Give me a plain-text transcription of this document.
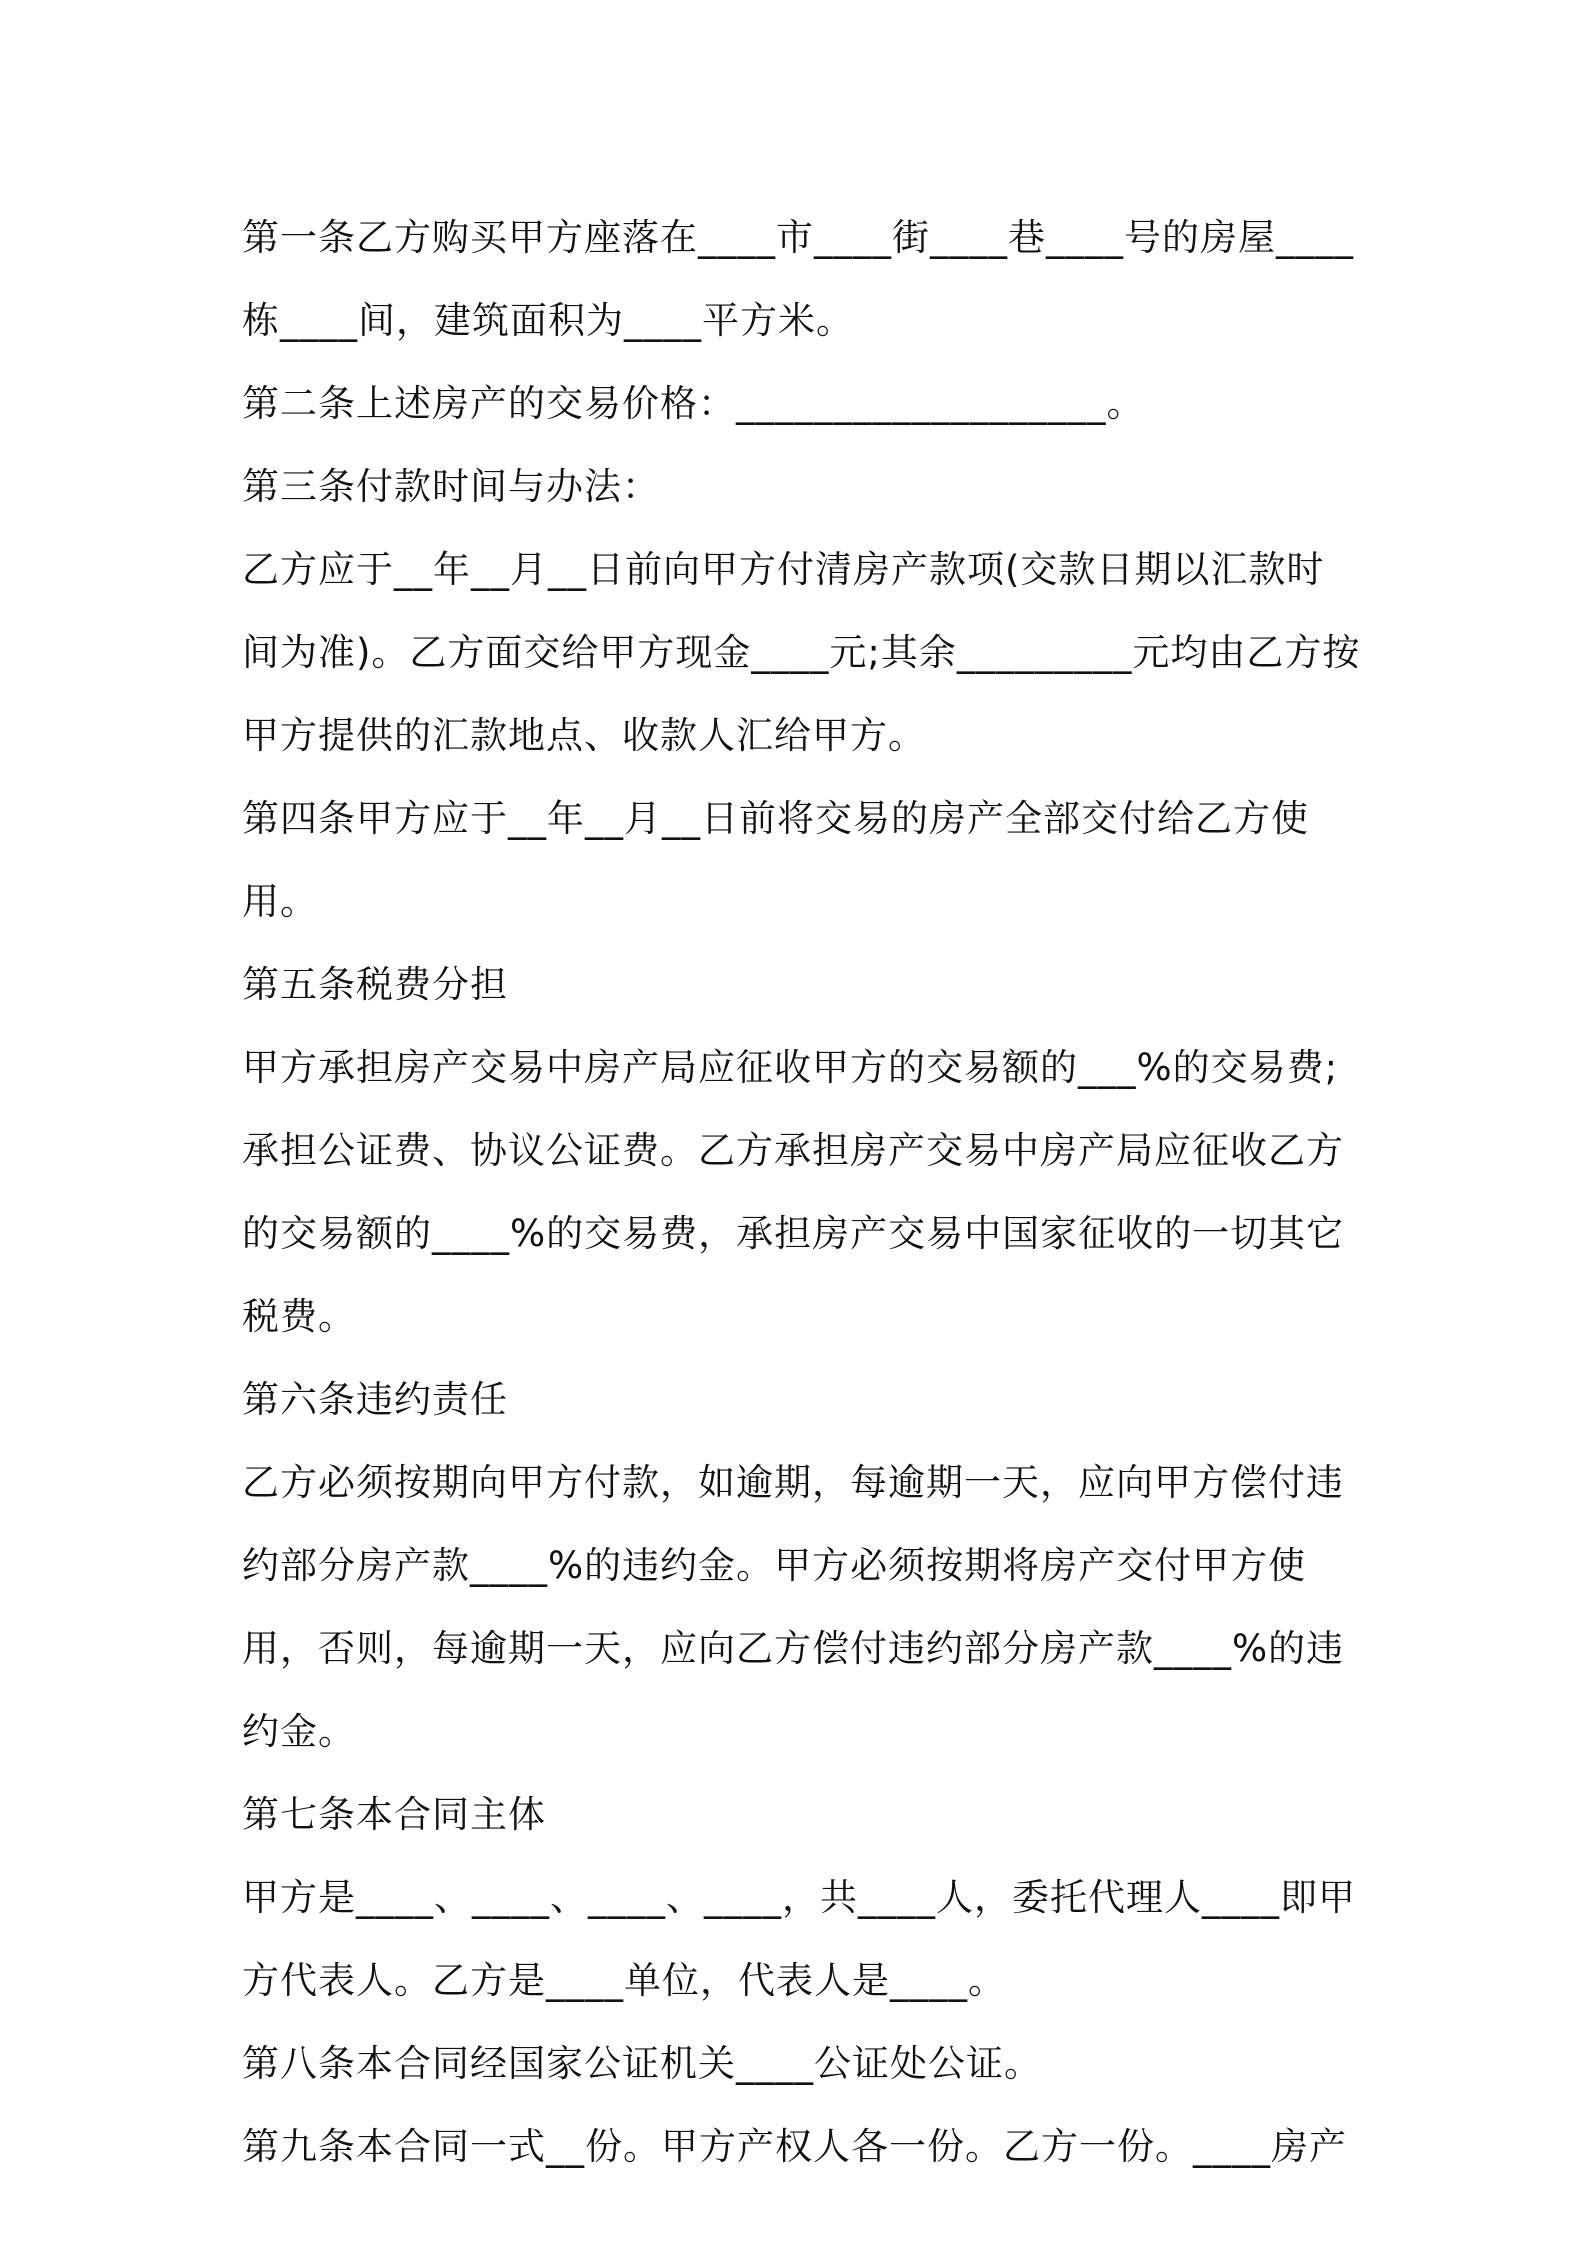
第一条乙方购买甲方座落在____市____街____巷____号的房屋____栋____间，建筑面积为____平方米。

第二条上述房产的交易价格：___________________。

第三条付款时间与办法：

乙方应于__年__月__日前向甲方付清房产款项(交款日期以汇款时间为准)。乙方面交给甲方现金____元;其余_________元均由乙方按甲方提供的汇款地点、收款人汇给甲方。

第四条甲方应于__年__月__日前将交易的房产全部交付给乙方使用。

第五条税费分担

甲方承担房产交易中房产局应征收甲方的交易额的___%的交易费;承担公证费、协议公证费。乙方承担房产交易中房产局应征收乙方的交易额的____%的交易费，承担房产交易中国家征收的一切其它税费。

第六条违约责任

乙方必须按期向甲方付款，如逾期，每逾期一天，应向甲方偿付违约部分房产款____%的违约金。甲方必须按期将房产交付甲方使用，否则，每逾期一天，应向乙方偿付违约部分房产款____%的违约金。

第七条本合同主体

甲方是____、____、____、____，共____人，委托代理人____即甲方代表人。乙方是____单位，代表人是____。

第八条本合同经国家公证机关____公证处公证。

第九条本合同一式__份。甲方产权人各一份。乙方一份。____房产
